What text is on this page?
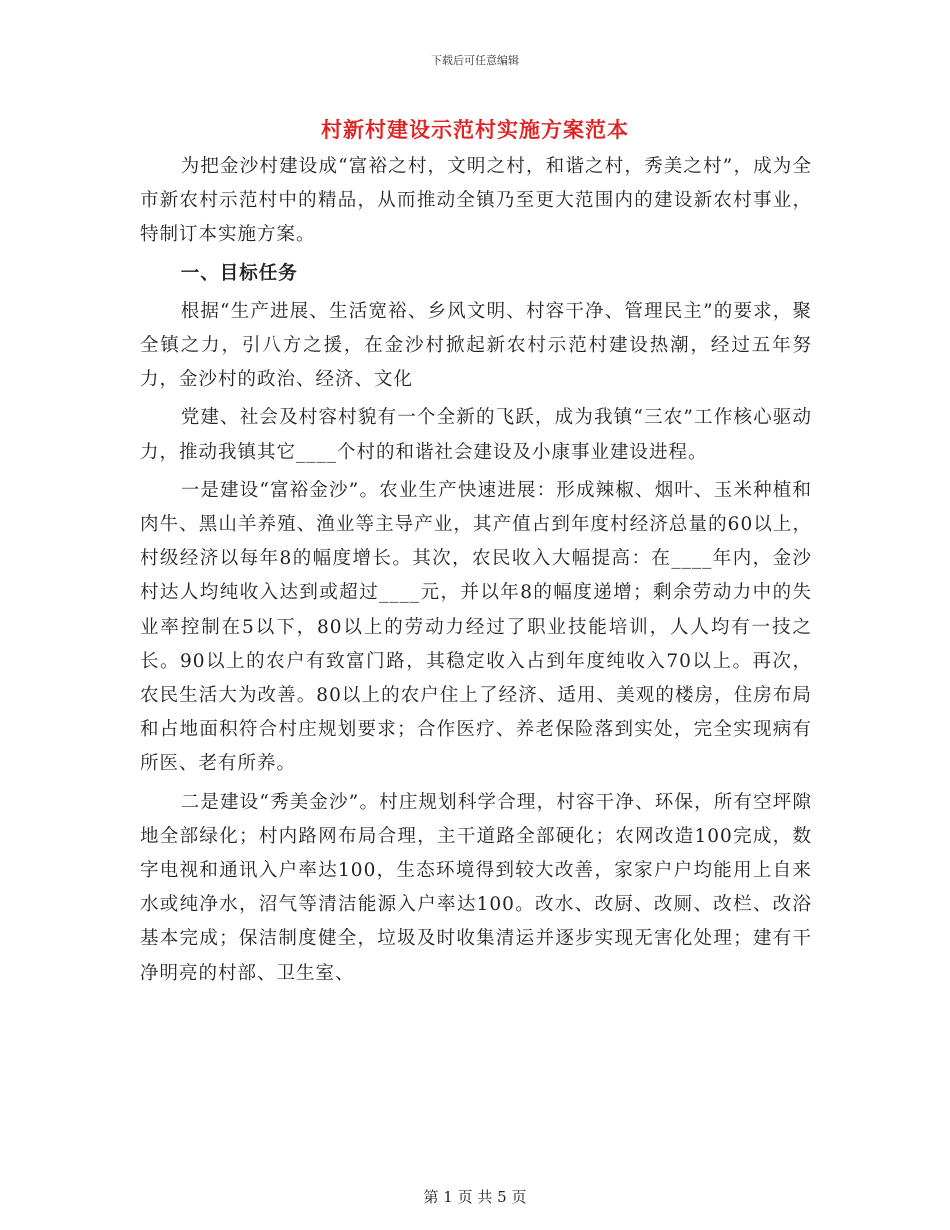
下载后可任意编辑
村新村建设示范村实施方案范本

为把金沙村建设成“富裕之村，文明之村，和谐之村，秀美之村”，成为全市新农村示范村中的精品，从而推动全镇乃至更大范围内的建设新农村事业，特制订本实施方案。

一、目标任务

根据“生产进展、生活宽裕、乡风文明、村容干净、管理民主”的要求，聚全镇之力，引八方之援，在金沙村掀起新农村示范村建设热潮，经过五年努力，金沙村的政治、经济、文化

党建、社会及村容村貌有一个全新的飞跃，成为我镇“三农”工作核心驱动力，推动我镇其它____个村的和谐社会建设及小康事业建设进程。

一是建设“富裕金沙”。农业生产快速进展：形成辣椒、烟叶、玉米种植和肉牛、黑山羊养殖、渔业等主导产业，其产值占到年度村经济总量的60以上，村级经济以每年8的幅度增长。其次，农民收入大幅提高：在____年内，金沙村达人均纯收入达到或超过____元，并以年8的幅度递增；剩余劳动力中的失业率控制在5以下，80以上的劳动力经过了职业技能培训，人人均有一技之长。90以上的农户有致富门路，其稳定收入占到年度纯收入70以上。再次，农民生活大为改善。80以上的农户住上了经济、适用、美观的楼房，住房布局和占地面积符合村庄规划要求；合作医疗、养老保险落到实处，完全实现病有所医、老有所养。

二是建设“秀美金沙”。村庄规划科学合理，村容干净、环保，所有空坪隙地全部绿化；村内路网布局合理，主干道路全部硬化；农网改造100完成，数字电视和通讯入户率达100，生态环境得到较大改善，家家户户均能用上自来水或纯净水，沼气等清洁能源入户率达100。改水、改厨、改厕、改栏、改浴基本完成；保洁制度健全，垃圾及时收集清运并逐步实现无害化处理；建有干净明亮的村部、卫生室、

第 1 页 共 5 页
